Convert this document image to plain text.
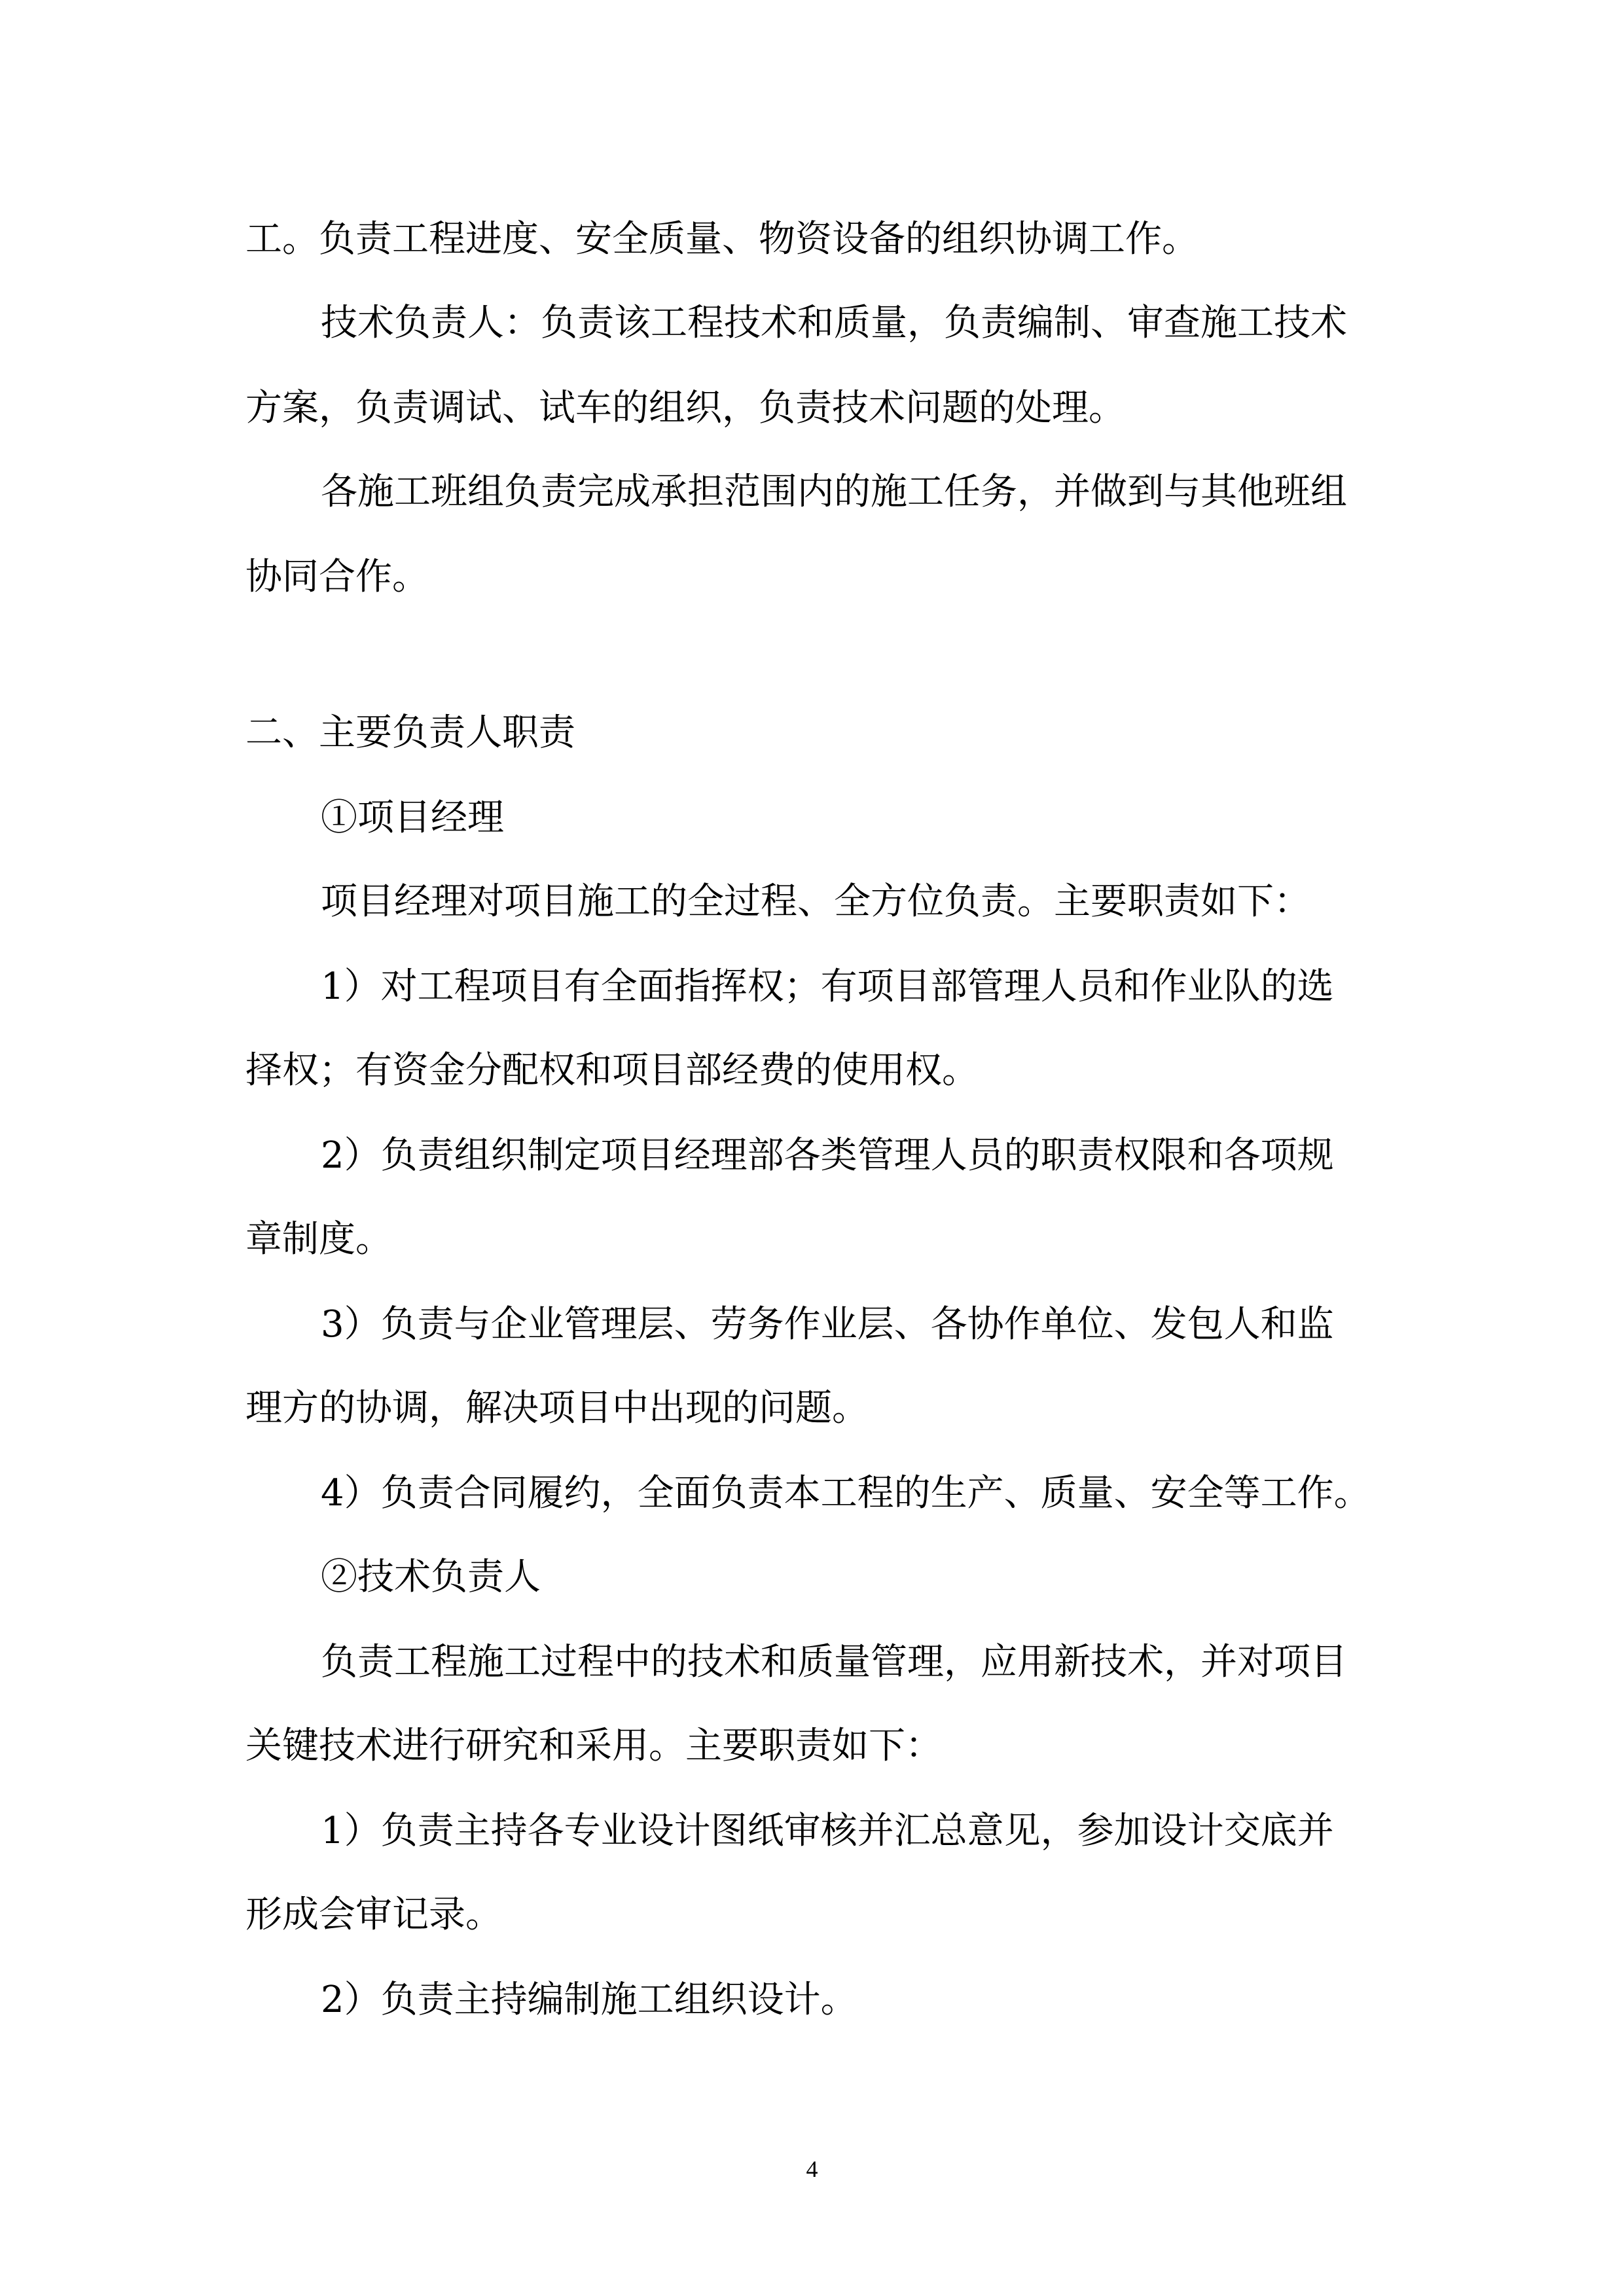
工。负责工程进度、安全质量、物资设备的组织协调工作。
技术负责人：负责该工程技术和质量，负责编制、审查施工技术
方案，负责调试、试车的组织，负责技术问题的处理。
各施工班组负责完成承担范围内的施工任务，并做到与其他班组
协同合作。
二、主要负责人职责
①项目经理
项目经理对项目施工的全过程、全方位负责。主要职责如下：
1）对工程项目有全面指挥权；有项目部管理人员和作业队的选
择权；有资金分配权和项目部经费的使用权。
2）负责组织制定项目经理部各类管理人员的职责权限和各项规
章制度。
3）负责与企业管理层、劳务作业层、各协作单位、发包人和监
理方的协调，解决项目中出现的问题。
4）负责合同履约，全面负责本工程的生产、质量、安全等工作。
②技术负责人
负责工程施工过程中的技术和质量管理，应用新技术，并对项目
关键技术进行研究和采用。主要职责如下：
1）负责主持各专业设计图纸审核并汇总意见，参加设计交底并
形成会审记录。
2）负责主持编制施工组织设计。
4
